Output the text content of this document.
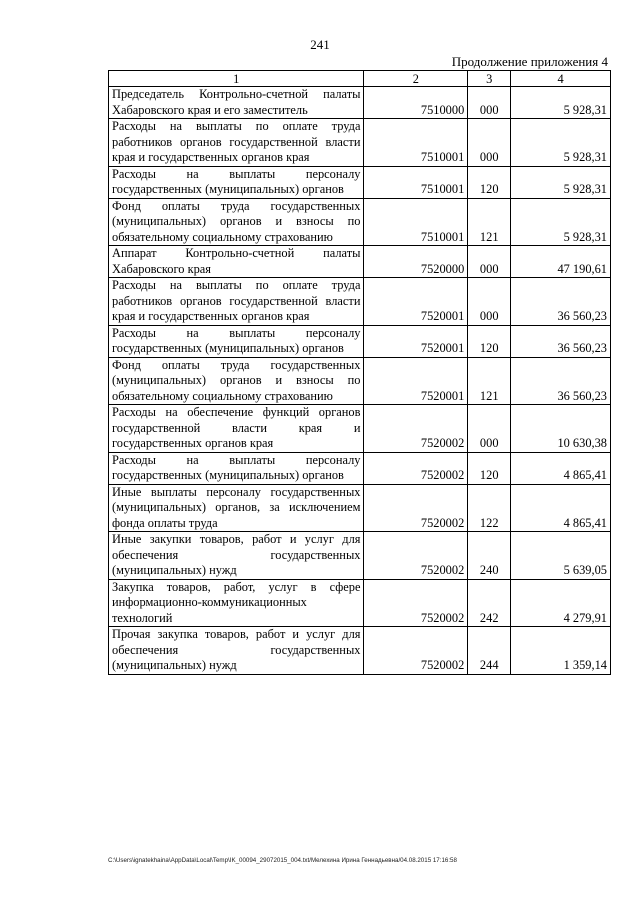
241
Продолжение приложения 4
1	2	3	4
Председатель Контрольно-счетной палаты Хабаровского края и его заместитель	7510000	000	5 928,31
Расходы на выплаты по оплате труда работников органов государственной власти края и государственных органов края	7510001	000	5 928,31
Расходы на выплаты персоналу государственных (муниципальных) органов	7510001	120	5 928,31
Фонд оплаты труда государственных (муниципальных) органов и взносы по обязательному социальному страхованию	7510001	121	5 928,31
Аппарат Контрольно-счетной палаты Хабаровского края	7520000	000	47 190,61
Расходы на выплаты по оплате труда работников органов государственной власти края и государственных органов края	7520001	000	36 560,23
Расходы на выплаты персоналу государственных (муниципальных) органов	7520001	120	36 560,23
Фонд оплаты труда государственных (муниципальных) органов и взносы по обязательному социальному страхованию	7520001	121	36 560,23
Расходы на обеспечение функций органов государственной власти края и государственных органов края	7520002	000	10 630,38
Расходы на выплаты персоналу государственных (муниципальных) органов	7520002	120	4 865,41
Иные выплаты персоналу государственных (муниципальных) органов, за исключением фонда оплаты труда	7520002	122	4 865,41
Иные закупки товаров, работ и услуг для обеспечения государственных (муниципальных) нужд	7520002	240	5 639,05
Закупка товаров, работ, услуг в сфере информационно-коммуникационных технологий	7520002	242	4 279,91
Прочая закупка товаров, работ и услуг для обеспечения государственных (муниципальных) нужд	7520002	244	1 359,14
C:\Users\ignatekhaina\AppData\Local\Temp\IK_00094_29072015_004.txt/Мелехина Ирина Геннадьевна/04.08.2015 17:16:58
